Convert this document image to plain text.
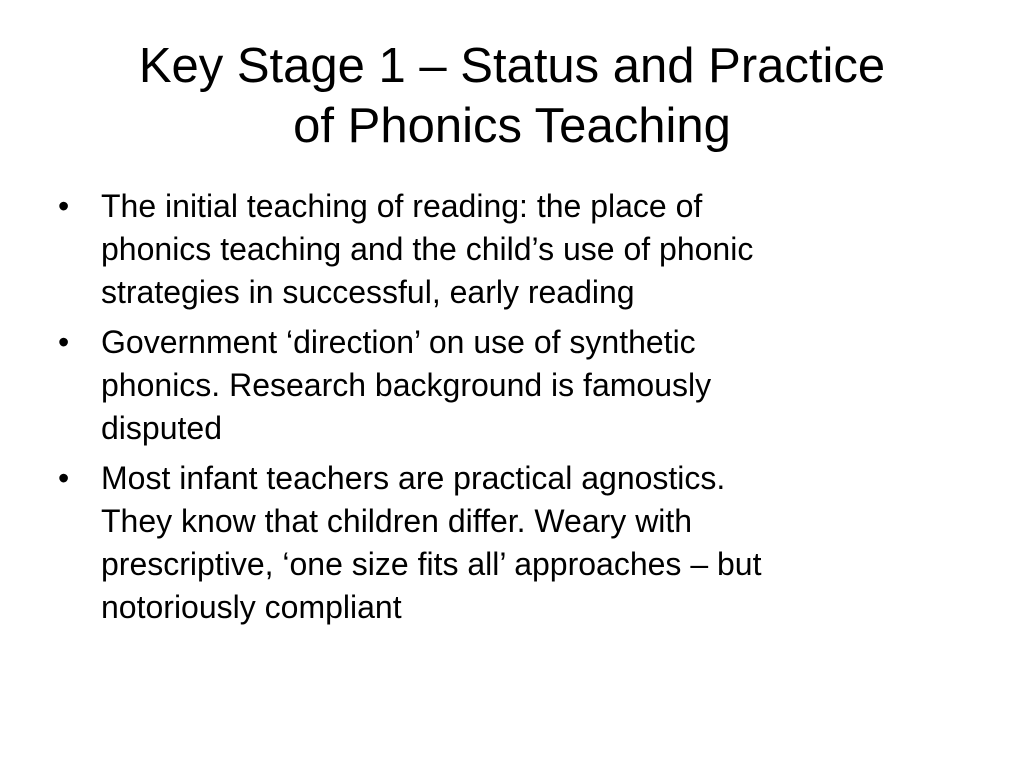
Key Stage 1 – Status and Practice
of Phonics Teaching
• The initial teaching of reading: the place of
phonics teaching and the child’s use of phonic
strategies in successful, early reading
• Government ‘direction’ on use of synthetic
phonics. Research background is famously
disputed
• Most infant teachers are practical agnostics.
They know that children differ. Weary with
prescriptive, ‘one size fits all’ approaches – but
notoriously compliant
